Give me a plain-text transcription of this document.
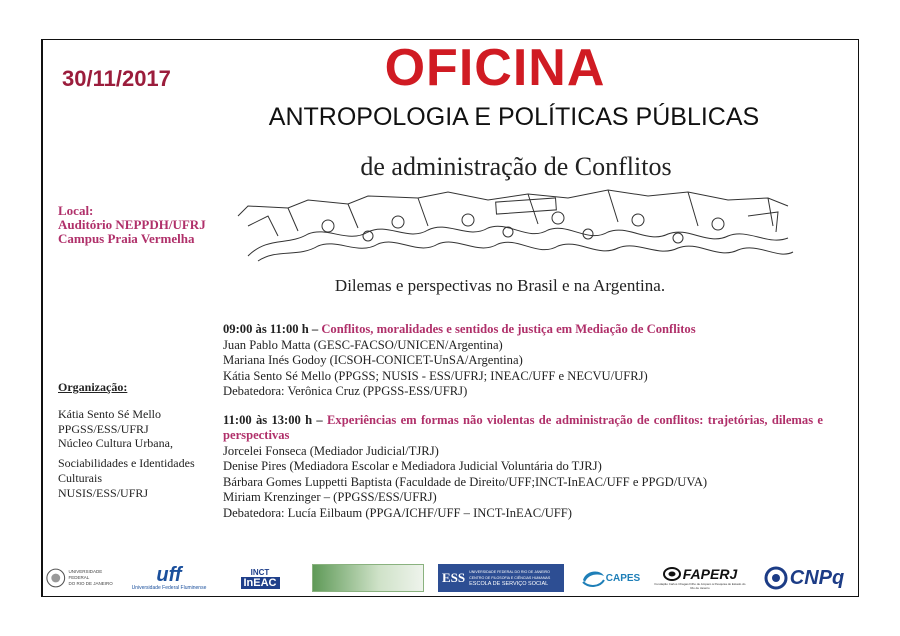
30/11/2017	OFICINA
ANTROPOLOGIA E POLÍTICAS PÚBLICAS
de administração de Conflitos
Local:
Auditório NEPPDH/UFRJ
Campus Praia Vermelha
Dilemas e perspectivas no Brasil e na Argentina.
Organização:
Kátia Sento Sé Mello
PPGSS/ESS/UFRJ
Núcleo Cultura Urbana,
Sociabilidades e Identidades
Culturais
NUSIS/ESS/UFRJ
09:00 às 11:00 h – Conflitos, moralidades e sentidos de justiça em Mediação de Conflitos
Juan Pablo Matta (GESC-FACSO/UNICEN/Argentina)
Mariana Inés Godoy (ICSOH-CONICET-UnSA/Argentina)
Kátia Sento Sé Mello (PPGSS; NUSIS - ESS/UFRJ; INEAC/UFF e NECVU/UFRJ)
Debatedora: Verônica Cruz (PPGSS-ESS/UFRJ)
11:00 às 13:00 h – Experiências em formas não violentas de administração de conflitos: trajetórias, dilemas e perspectivas
Jorcelei Fonseca (Mediador Judicial/TJRJ)
Denise Pires (Mediadora Escolar e Mediadora Judicial Voluntária do TJRJ)
Bárbara Gomes Luppetti Baptista (Faculdade de Direito/UFF;INCT-InEAC/UFF e PPGD/UVA)
Miriam Krenzinger – (PPGSS/ESS/UFRJ)
Debatedora: Lucía Eilbaum (PPGA/ICHF/UFF – INCT-InEAC/UFF)
UNIVERSIDADE FEDERAL
DO RIO DE JANEIRO uff
Universidade Federal Fluminense
INCT
InEAC	ESS	UNIVERSIDADE FEDERAL DO RIO DE JANEIRO
CENTRO DE FILOSOFIA E CIÊNCIAS HUMANAS
ESCOLA DE SERVIÇO SOCIAL	CAPES	FAPERJ
Fundação Carlos Chagas Filho de Amparo à Pesquisa do Estado do Rio de Janeiro	CNPq
